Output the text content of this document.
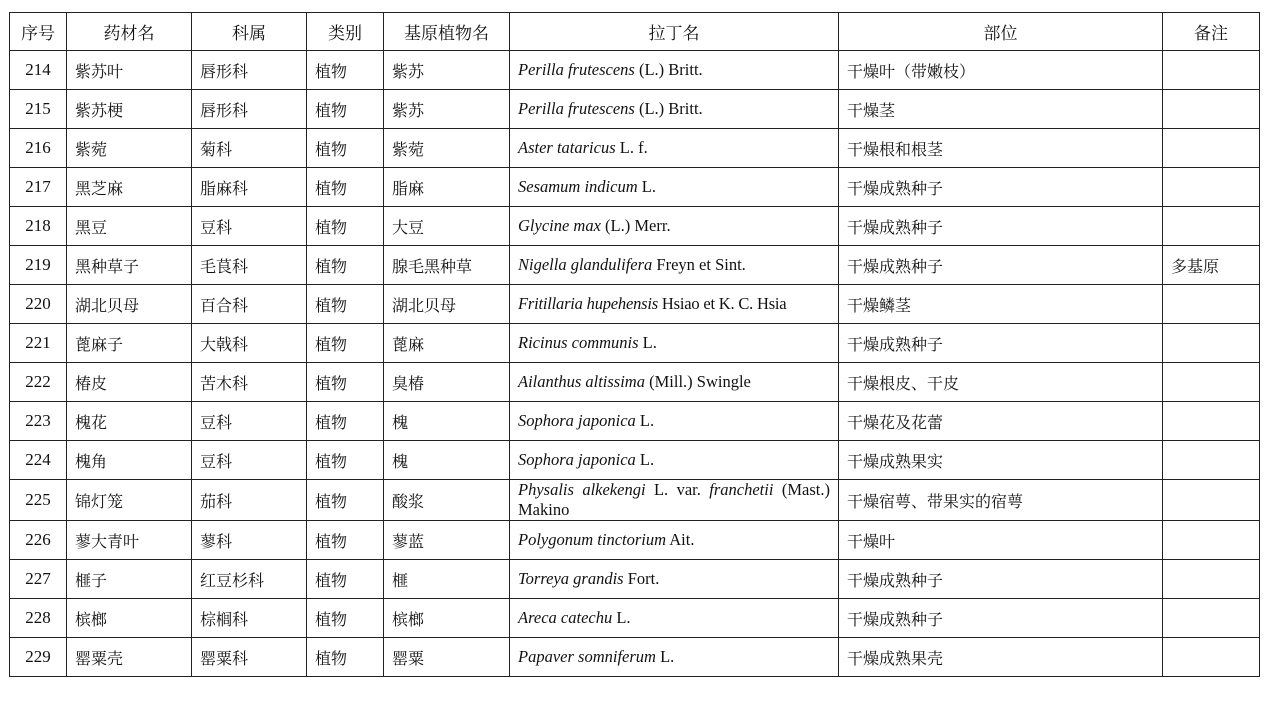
序号	药材名	科属	类别	基原植物名	拉丁名	部位	备注
214	紫苏叶	唇形科	植物	紫苏	Perilla frutescens (L.) Britt.	干燥叶（带嫩枝）	
215	紫苏梗	唇形科	植物	紫苏	Perilla frutescens (L.) Britt.	干燥茎	
216	紫菀	菊科	植物	紫菀	Aster tataricus L. f.	干燥根和根茎	
217	黑芝麻	脂麻科	植物	脂麻	Sesamum indicum L.	干燥成熟种子	
218	黑豆	豆科	植物	大豆	Glycine max (L.) Merr.	干燥成熟种子	
219	黑种草子	毛茛科	植物	腺毛黑种草	Nigella glandulifera Freyn et Sint.	干燥成熟种子	多基原
220	湖北贝母	百合科	植物	湖北贝母	Fritillaria hupehensis Hsiao et K. C. Hsia	干燥鳞茎	
221	蓖麻子	大戟科	植物	蓖麻	Ricinus communis L.	干燥成熟种子	
222	椿皮	苦木科	植物	臭椿	Ailanthus altissima (Mill.) Swingle	干燥根皮、干皮	
223	槐花	豆科	植物	槐	Sophora japonica L.	干燥花及花蕾	
224	槐角	豆科	植物	槐	Sophora japonica L.	干燥成熟果实	
225	锦灯笼	茄科	植物	酸浆	Physalis alkekengi L. var. franchetii (Mast.) Makino	干燥宿萼、带果实的宿萼	
226	蓼大青叶	蓼科	植物	蓼蓝	Polygonum tinctorium Ait.	干燥叶	
227	榧子	红豆杉科	植物	榧	Torreya grandis Fort.	干燥成熟种子	
228	槟榔	棕榈科	植物	槟榔	Areca catechu L.	干燥成熟种子	
229	罂粟壳	罂粟科	植物	罂粟	Papaver somniferum L.	干燥成熟果壳	
